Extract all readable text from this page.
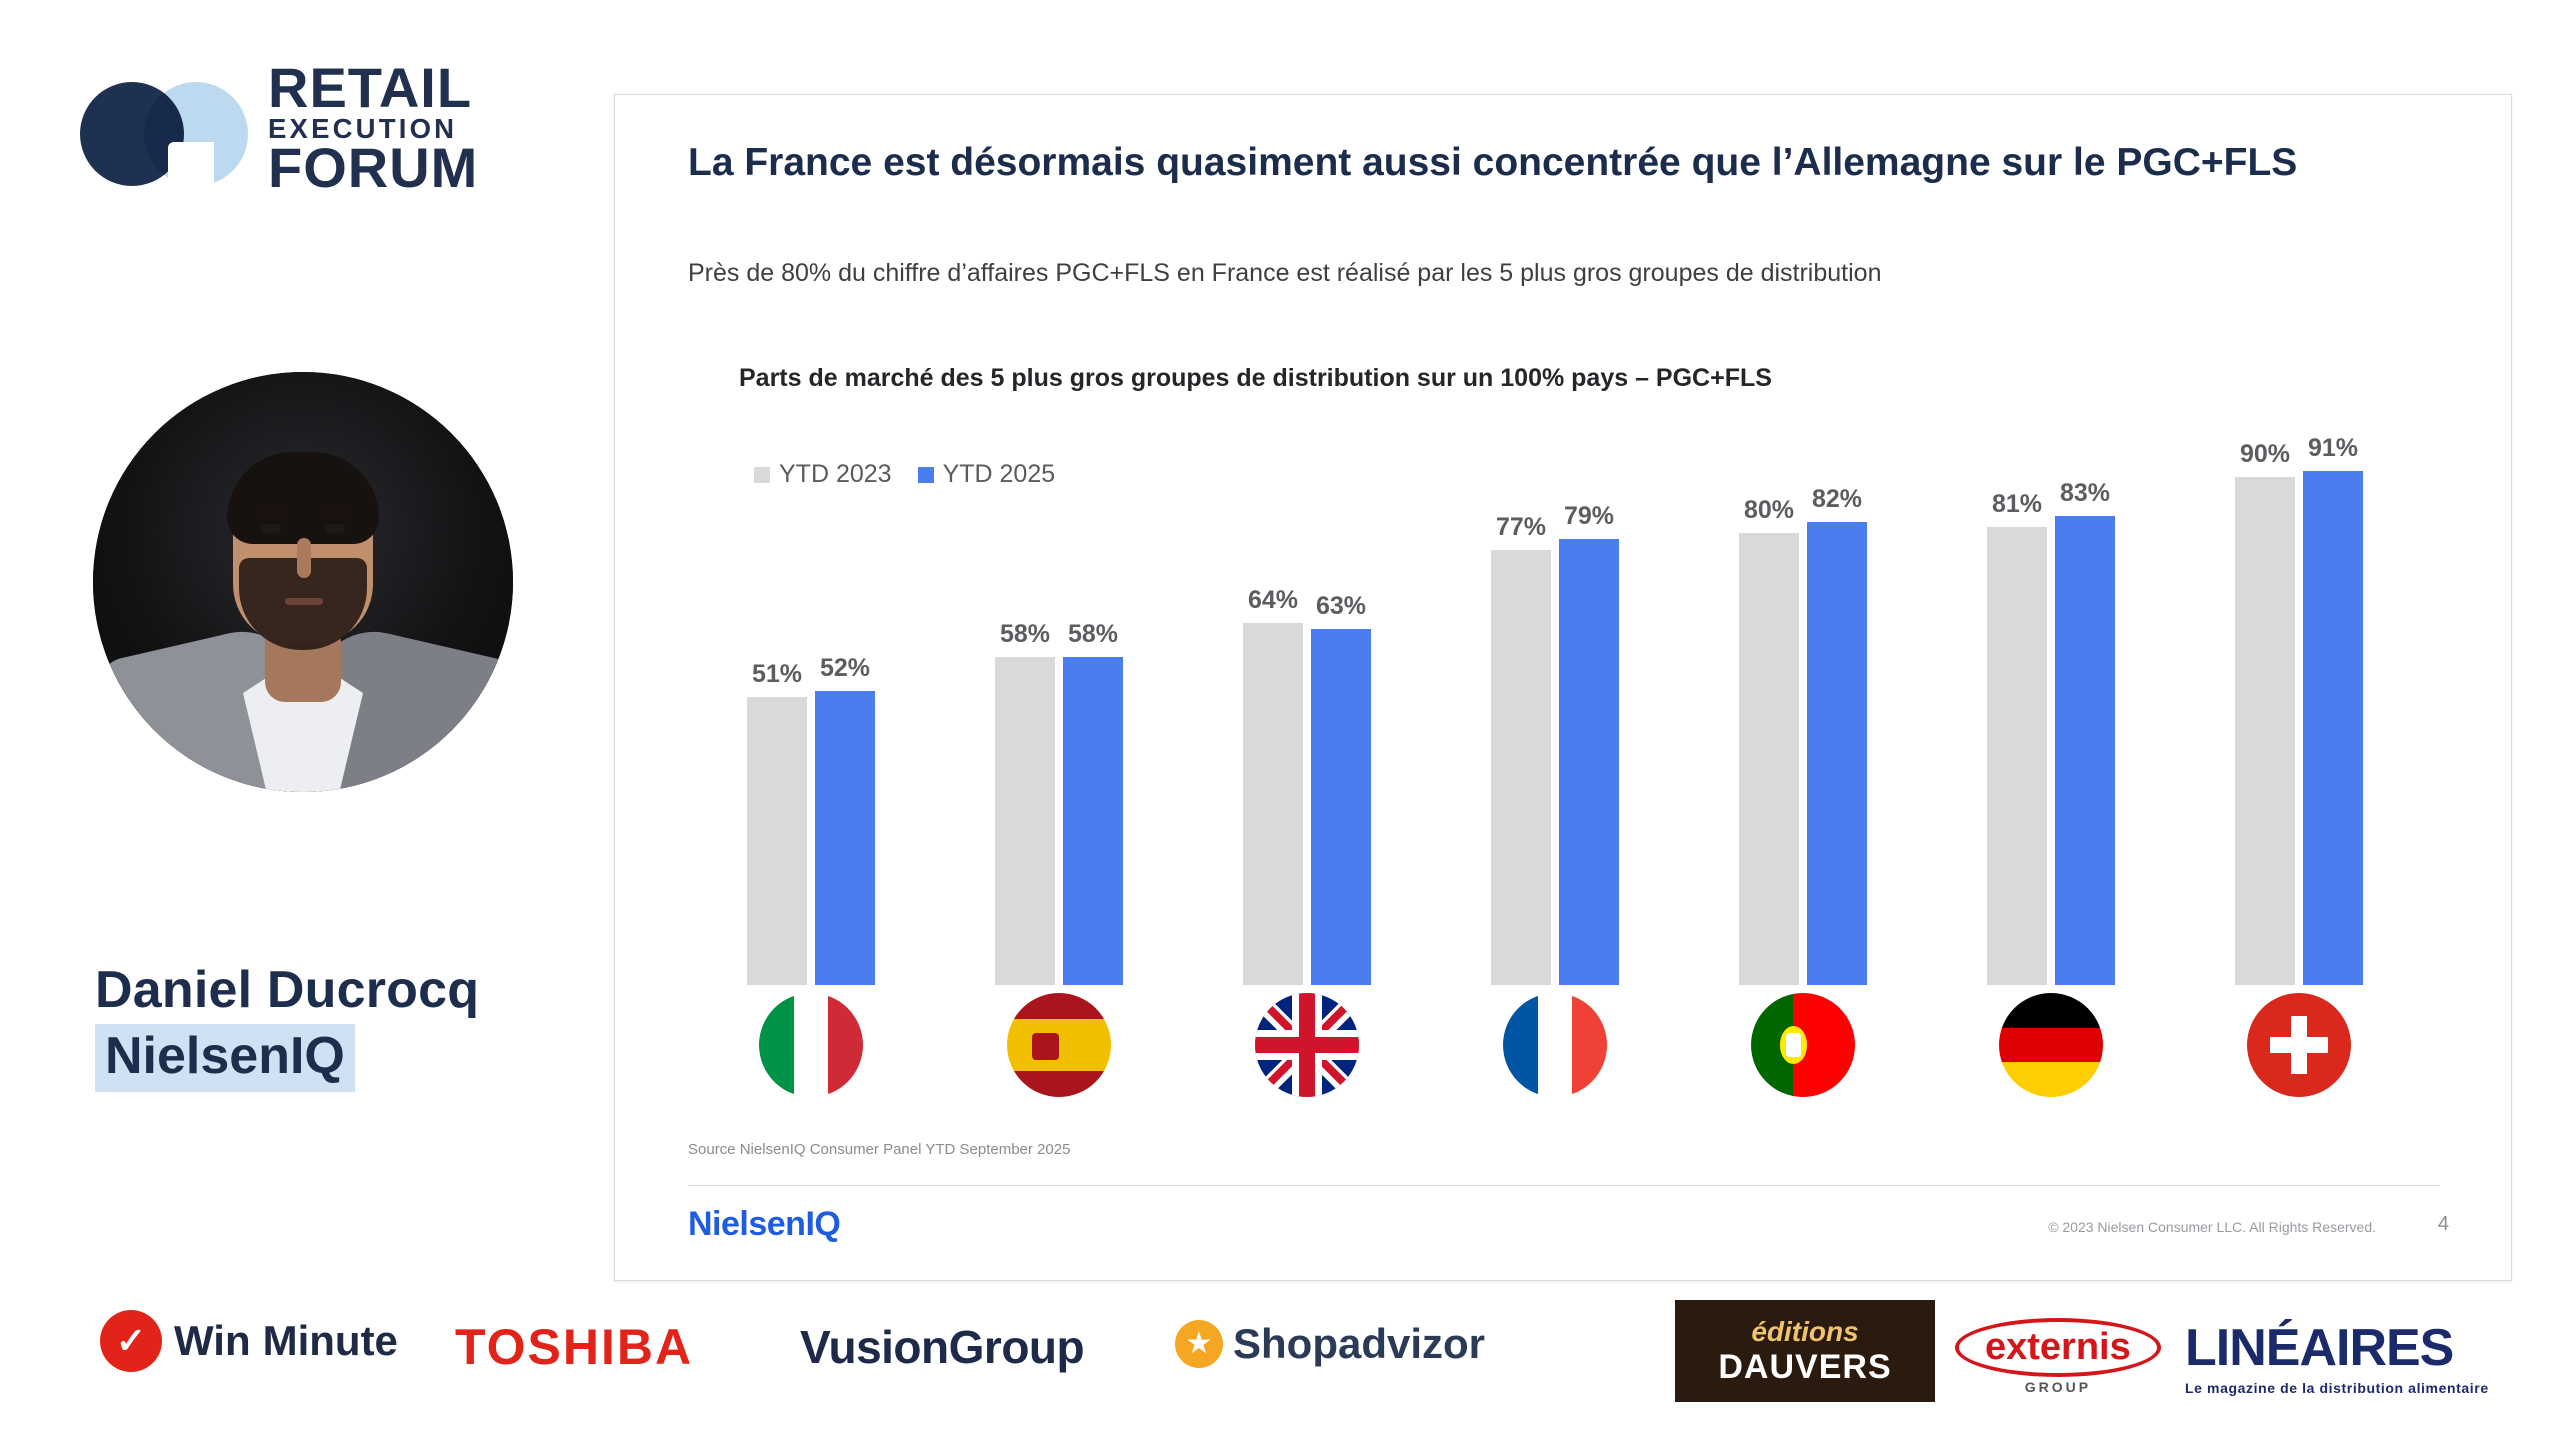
RETAIL
EXECUTION
FORUM
Daniel Ducrocq
NielsenIQ
La France est désormais quasiment aussi concentrée que l’Allemagne sur le PGC+FLS
Près de 80% du chiffre d’affaires PGC+FLS en France est réalisé par les 5 plus gros groupes de distribution
Parts de marché des 5 plus gros groupes de distribution sur un 100% pays – PGC+FLS
YTD 2023 YTD 2025
51% 52%
58% 58%
64% 63%
77% 79%	80% 82%	81% 83%
90% 91%
Source NielsenIQ Consumer Panel YTD September 2025
NielsenIQ	© 2023 Nielsen Consumer LLC. All Rights Reserved.	4
✓ Win Minute TOSHIBA VusionGroup	★ Shopadvizor	éditions
DAUVERS externis
GROUP
LINÉAIRES
Le magazine de la distribution alimentaire
